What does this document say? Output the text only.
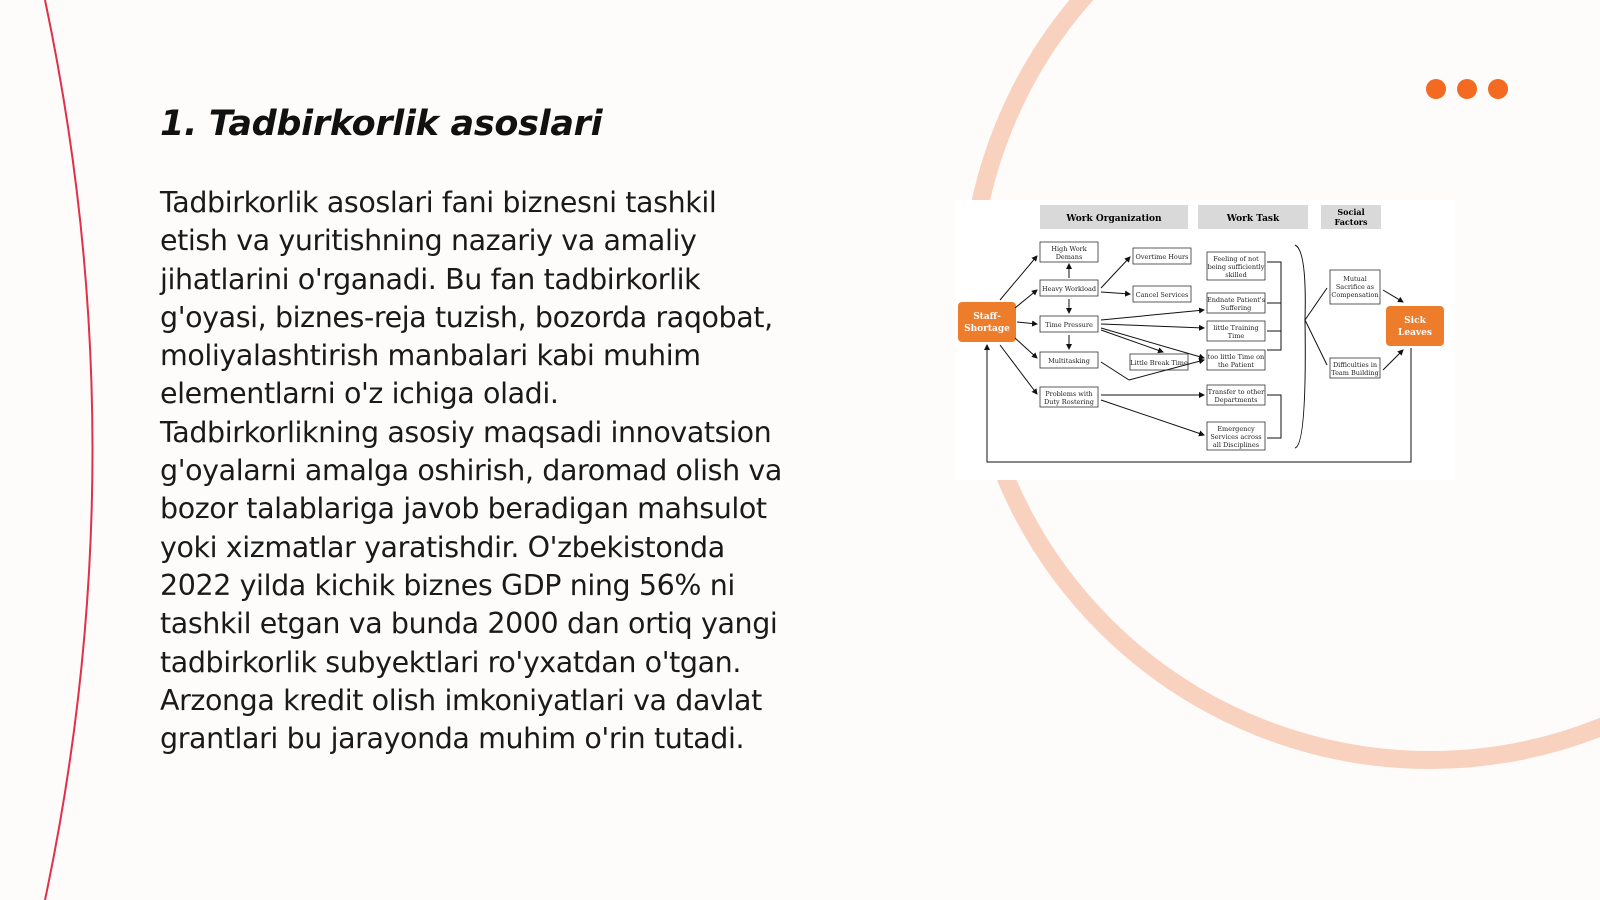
1. Tadbirkorlik asoslari

Tadbirkorlik asoslari fani biznesni tashkil
etish va yuritishning nazariy va amaliy
jihatlarini o'rganadi. Bu fan tadbirkorlik
g'oyasi, biznes-reja tuzish, bozorda raqobat,
moliyalashtirish manbalari kabi muhim
elementlarni o'z ichiga oladi.
Tadbirkorlikning asosiy maqsadi innovatsion
g'oyalarni amalga oshirish, daromad olish va
bozor talablariga javob beradigan mahsulot
yoki xizmatlar yaratishdir. O'zbekistonda
2022 yilda kichik biznes GDP ning 56% ni
tashkil etgan va bunda 2000 dan ortiq yangi
tadbirkorlik subyektlari ro'yxatdan o'tgan.
Arzonga kredit olish imkoniyatlari va davlat
grantlari bu jarayonda muhim o'rin tutadi.

Work Organization	Work Task
Social
Factors
Staff-
Shortage
Sick
Leaves
High Work
Demans
Heavy Workload
Time Pressure
Multitasking
Problems with
Duty Rostering
Overtime Hours
Cancel Services
Little Break Time
Feeling of not
being sufficiently
skilled
Endnate Patient's
Suffering
little Training
Time
too little Time on
the Patient
Transfer to other
Departments
Emergency
Services across
all Disciplines
Mutual
Sacrifice as
Compensation
Difficulties in
Team Building
